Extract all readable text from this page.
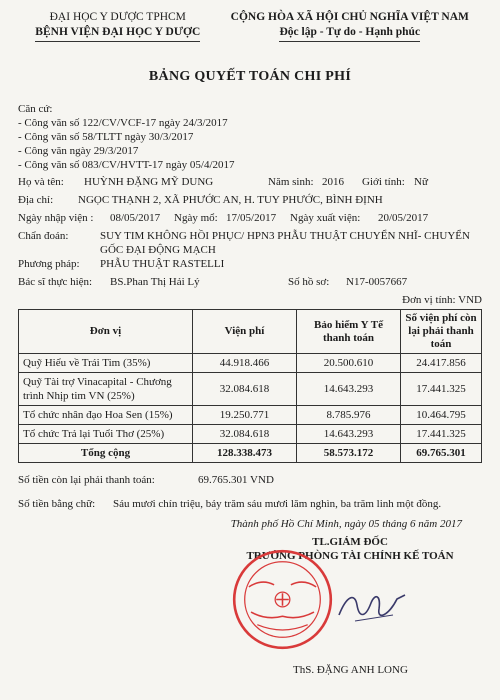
ĐẠI HỌC Y DƯỢC TPHCM
BỆNH VIỆN ĐẠI HỌC Y DƯỢC
CỘNG HÒA XÃ HỘI CHỦ NGHĨA VIỆT NAM
Độc lập - Tự do - Hạnh phúc
BẢNG QUYẾT TOÁN CHI PHÍ
Căn cứ:
- Công văn số 122/CV/VCF-17 ngày 24/3/2017
- Công văn số 58/TLTT ngày 30/3/2017
- Công văn ngày 29/3/2017
- Công văn số 083/CV/HVTT-17 ngày 05/4/2017
Họ và tên:	HUỲNH ĐẶNG MỸ DUNG	Năm sinh: 2016	Giới tính: Nữ
Địa chỉ:	NGỌC THẠNH 2, XÃ PHƯỚC AN, H. TUY PHƯỚC, BÌNH ĐỊNH
Ngày nhập viện :	08/05/2017	Ngày mổ: 17/05/2017	Ngày xuất viện:	20/05/2017
Chẩn đoán:	SUY TIM KHÔNG HỒI PHỤC/ HPN3 PHẪU THUẬT CHUYỂN NHĨ- CHUYỂN
GỐC ĐẠI ĐỘNG MẠCH
Phương pháp:	PHẪU THUẬT RASTELLI
Bác sĩ thực hiện:	BS.Phan Thị Hải Lý	Số hồ sơ:	N17-0057667
Đơn vị tính: VND
Đơn vị	Viện phí	Bảo hiểm Y Tế thanh toán	Số viện phí còn lại phải thanh toán
Quỹ Hiểu về Trái Tim (35%)	44.918.466	20.500.610	24.417.856
Quỹ Tài trợ Vinacapital - Chương trình Nhịp tim VN (25%)	32.084.618	14.643.293	17.441.325
Tổ chức nhân đạo Hoa Sen (15%)	19.250.771	8.785.976	10.464.795
Tổ chức Trả lại Tuổi Thơ (25%)	32.084.618	14.643.293	17.441.325
Tổng cộng	128.338.473	58.573.172	69.765.301
Số tiền còn lại phải thanh toán:	69.765.301 VND
Số tiền bằng chữ:	Sáu mươi chín triệu, bảy trăm sáu mươi lăm nghìn, ba trăm linh một đồng.
Thành phố Hồ Chí Minh, ngày 05 tháng 6 năm 2017
TL.GIÁM ĐỐC
TRƯỞNG PHÒNG TÀI CHÍNH KẾ TOÁN
ThS. ĐẶNG ANH LONG
